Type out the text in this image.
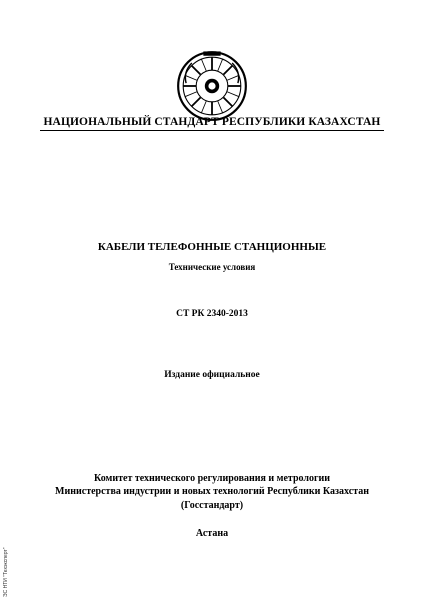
НАЦИОНАЛЬНЫЙ СТАНДАРТ РЕСПУБЛИКИ КАЗАХСТАН
КАБЕЛИ ТЕЛЕФОННЫЕ СТАНЦИОННЫЕ
Технические условия
СТ РК 2340-2013
Издание официальное
Комитет технического регулирования и метрологии
Министерства индустрии и новых технологий Республики Казахстан
(Госстандарт)
Астана
ЭС НТИ "Техэксперт"
